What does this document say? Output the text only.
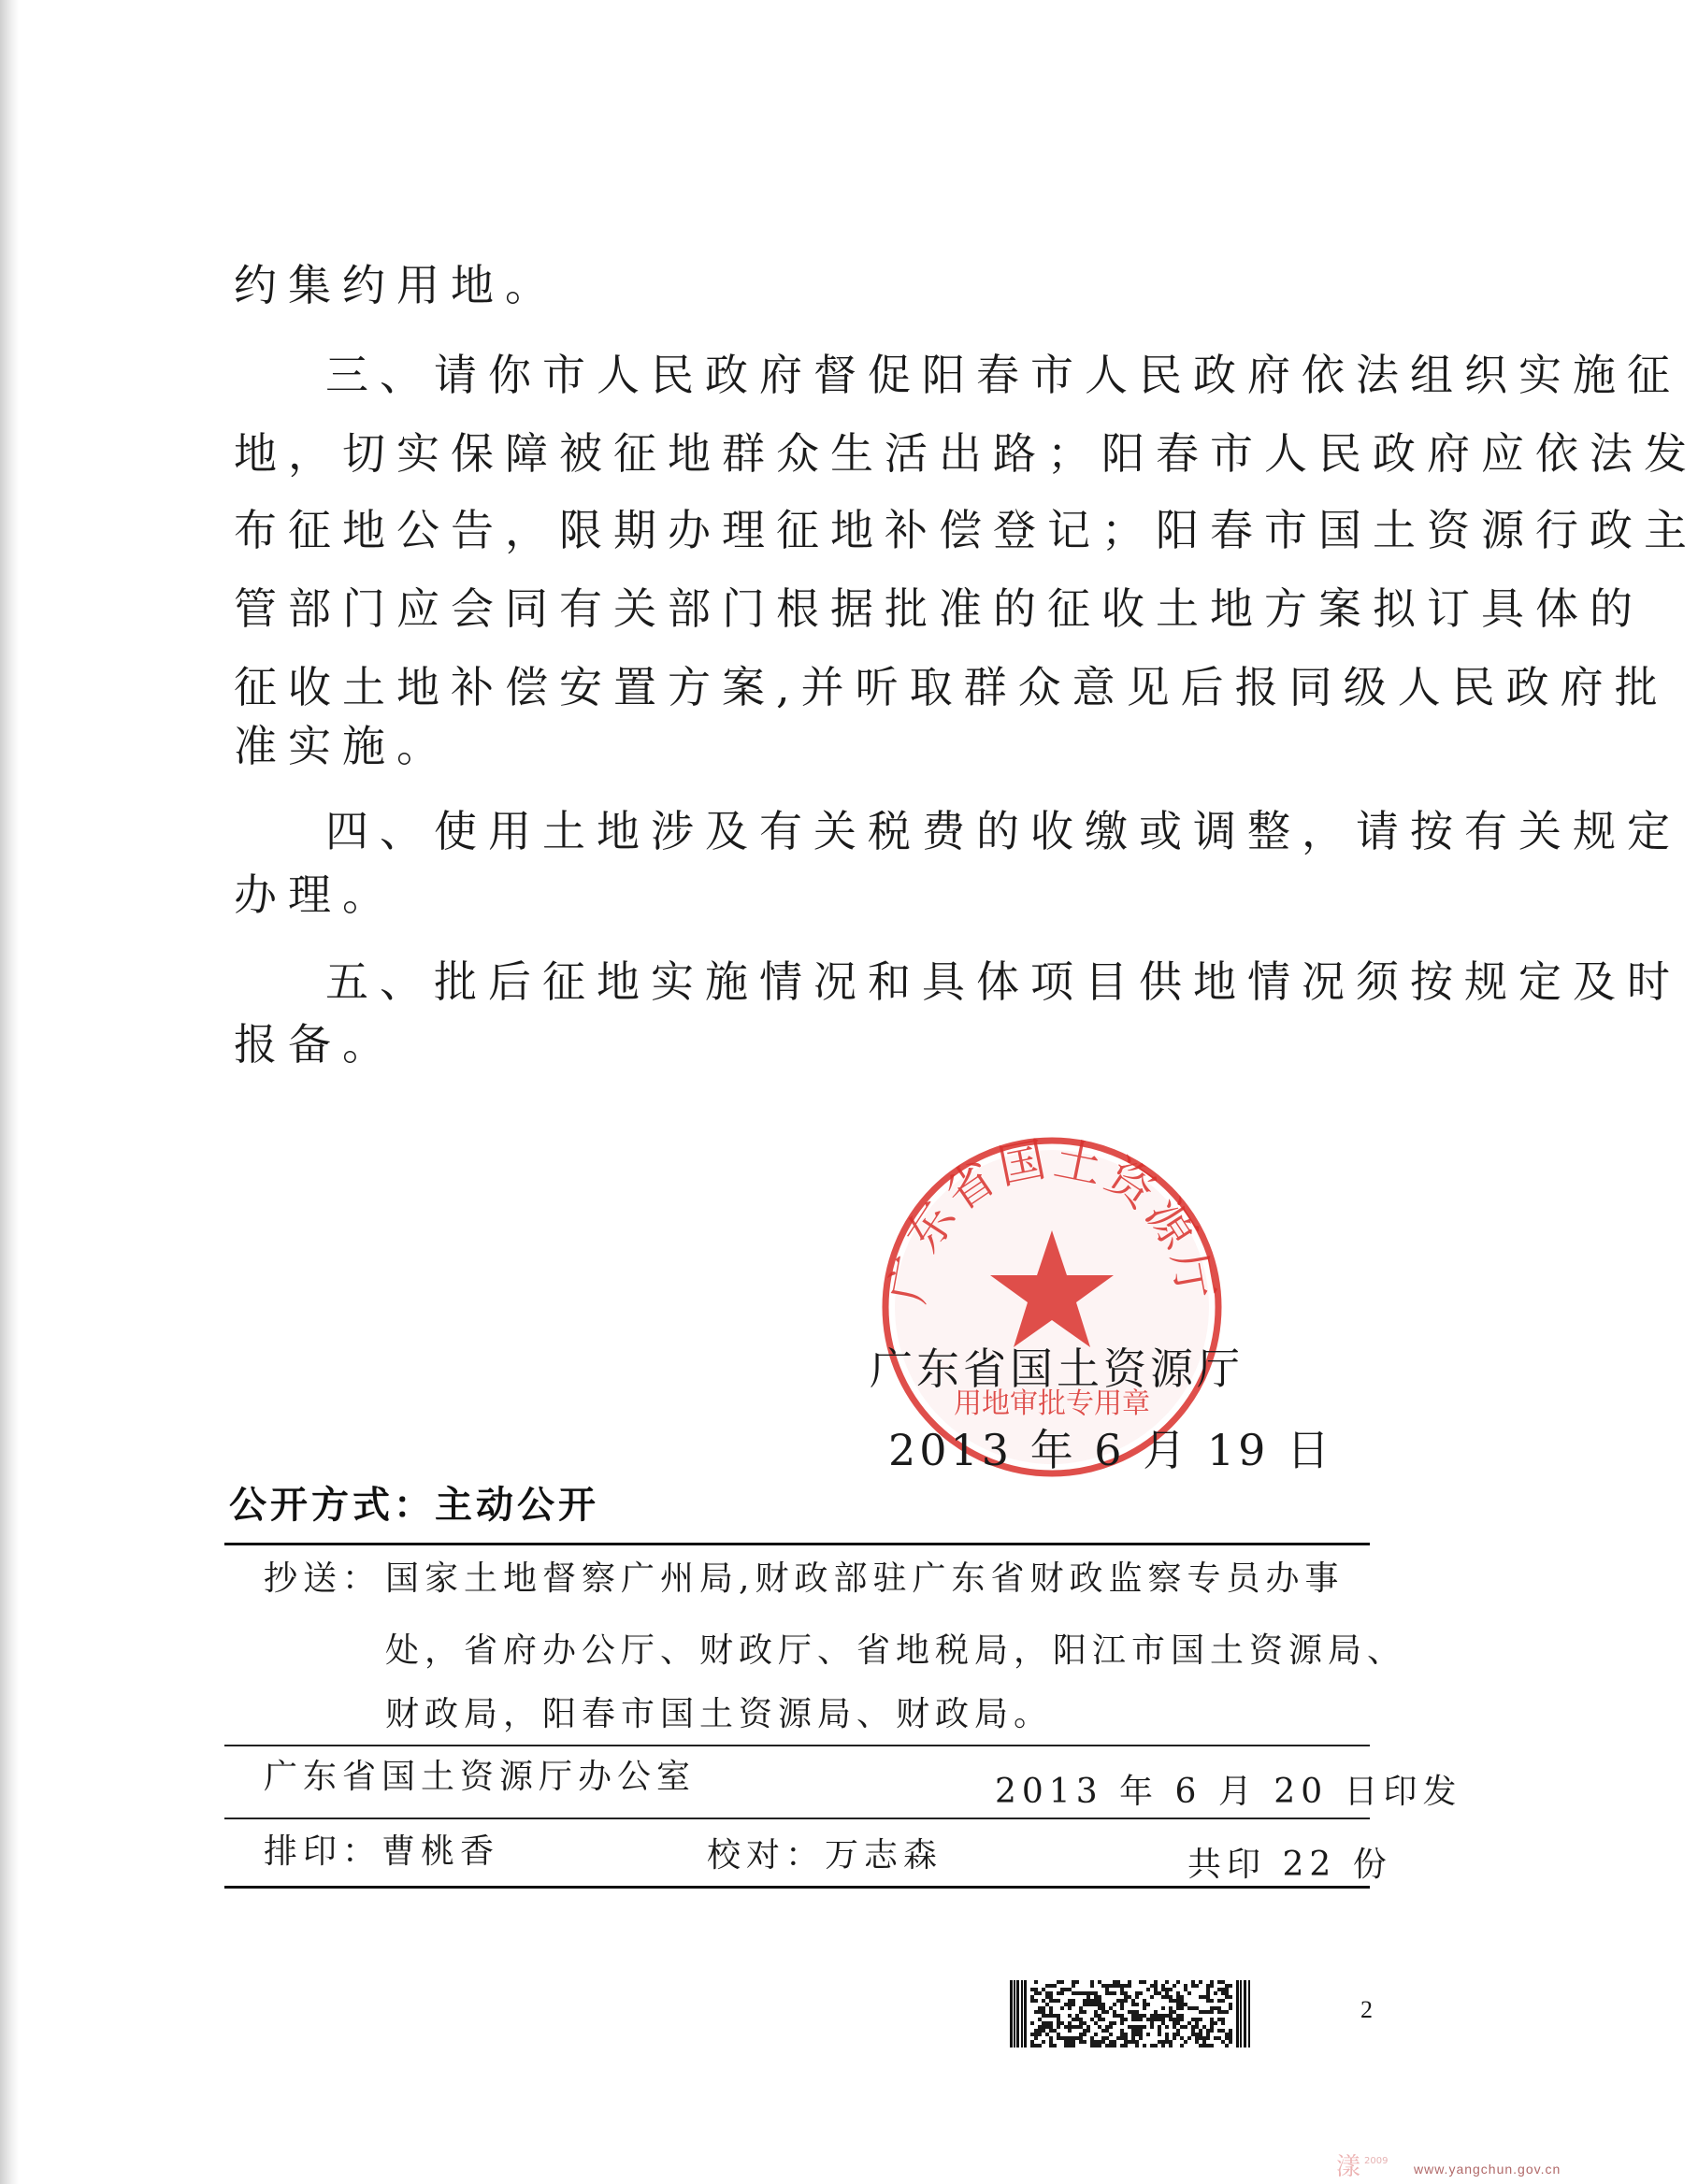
约集约用地。
三、请你市人民政府督促阳春市人民政府依法组织实施征
地，切实保障被征地群众生活出路；阳春市人民政府应依法发
布征地公告，限期办理征地补偿登记；阳春市国土资源行政主
管部门应会同有关部门根据批准的征收土地方案拟订具体的
征收土地补偿安置方案,并听取群众意见后报同级人民政府批
准实施。
四、使用土地涉及有关税费的收缴或调整，请按有关规定
办理。
五、批后征地实施情况和具体项目供地情况须按规定及时
报备。
广东省国土资源厅
用地审批专用章
广东省国土资源厅
2013 年 6 月 19 日
公开方式：主动公开
抄送： 国家土地督察广州局,财政部驻广东省财政监察专员办事
处，省府办公厅、财政厅、省地税局，阳江市国土资源局、
财政局，阳春市国土资源局、财政局。
广东省国土资源厅办公室	2013 年 6 月 20 日印发
排印：曹桃香	校对：万志森	共印 22 份
2
漾 2009
www.yangchun.gov.cn
